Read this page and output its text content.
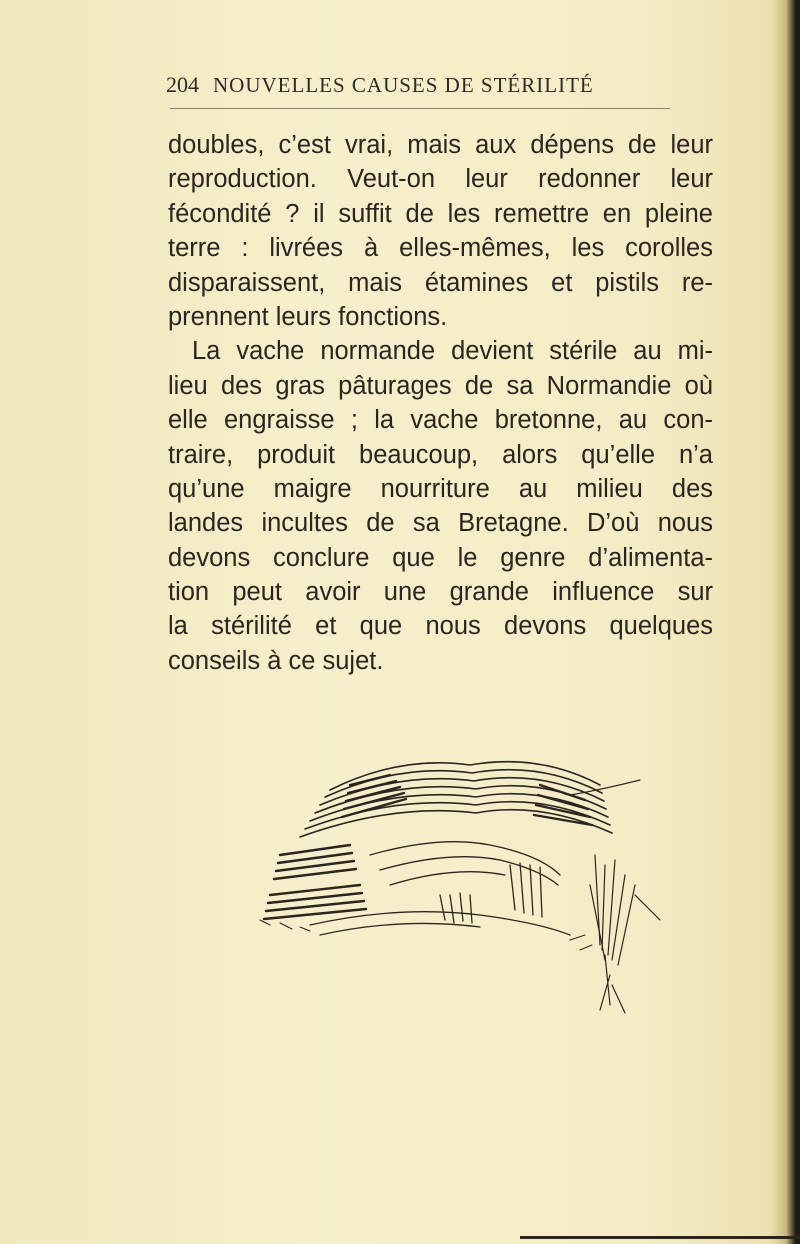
204 NOUVELLES CAUSES DE STÉRILITÉ
doubles, c’est vrai, mais aux dépens de leur
reproduction. Veut-on leur redonner leur
fécondité ? il suffit de les remettre en pleine
terre : livrées à elles-mêmes, les corolles
disparaissent, mais étamines et pistils re-
prennent leurs fonctions.
La vache normande devient stérile au mi-
lieu des gras pâturages de sa Normandie où
elle engraisse ; la vache bretonne, au con-
traire, produit beaucoup, alors qu’elle n’a
qu’une maigre nourriture au milieu des
landes incultes de sa Bretagne. D’où nous
devons conclure que le genre d’alimenta-
tion peut avoir une grande influence sur
la stérilité et que nous devons quelques
conseils à ce sujet.
